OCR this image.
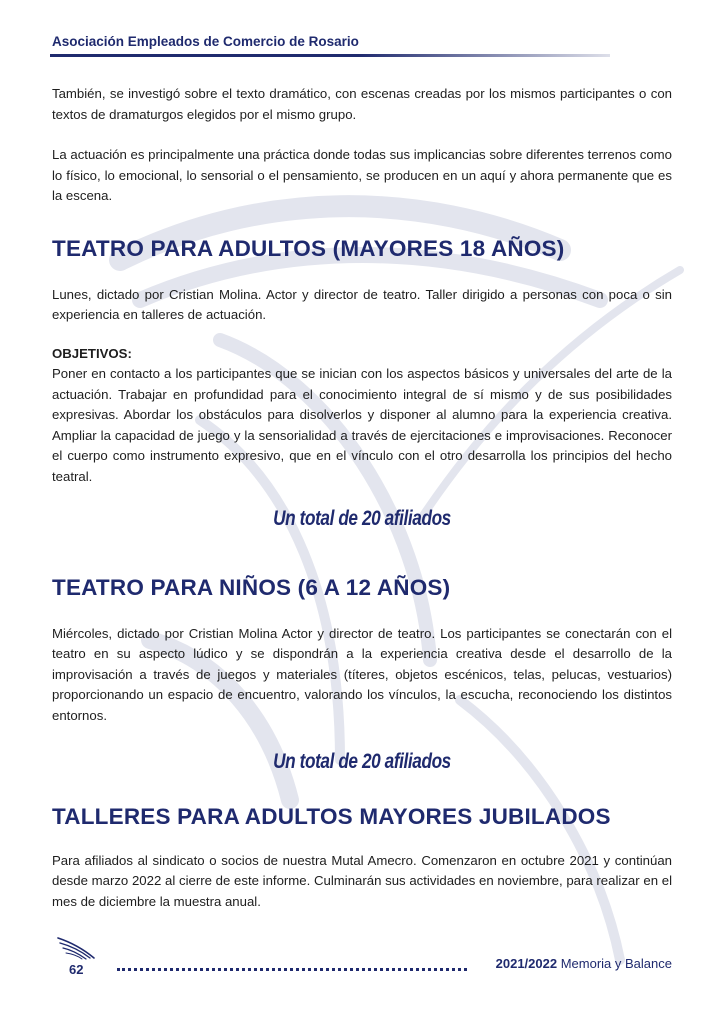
Asociación Empleados de Comercio de Rosario

También, se investigó sobre el texto dramático, con escenas creadas por los mismos participantes o con textos de dramaturgos elegidos por el mismo grupo.

La actuación es principalmente una práctica donde todas sus implicancias sobre diferentes terrenos como lo físico, lo emocional, lo sensorial o el pensamiento, se producen en un aquí y ahora permanente que es la escena.

TEATRO PARA ADULTOS (MAYORES 18 AÑOS)

Lunes, dictado por Cristian Molina. Actor y director de teatro. Taller dirigido a personas con poca o sin experiencia en talleres de actuación.

OBJETIVOS:

Poner en contacto a los participantes que se inician con los aspectos básicos y universales del arte de la actuación. Trabajar en profundidad para el conocimiento integral de sí mismo y de sus posibilidades expresivas. Abordar los obstáculos para disolverlos y disponer al alumno para la experiencia creativa. Ampliar la capacidad de juego y la sensorialidad a través de ejercitaciones e improvisaciones. Reconocer el cuerpo como instrumento expresivo, que en el vínculo con el otro desarrolla los principios del hecho teatral.

Un total de 20 afiliados
TEATRO PARA NIÑOS (6 A 12 AÑOS)

Miércoles, dictado por Cristian Molina Actor y director de teatro. Los participantes se conectarán con el teatro en su aspecto lúdico y se dispondrán a la experiencia creativa desde el desarrollo de la improvisación a través de juegos y materiales (títeres, objetos escénicos, telas, pelucas, vestuarios) proporcionando un espacio de encuentro, valorando los vínculos, la escucha, reconociendo los distintos entornos.

Un total de 20 afiliados
TALLERES PARA ADULTOS MAYORES JUBILADOS

Para afiliados al sindicato o socios de nuestra Mutal Amecro. Comenzaron en octubre 2021 y continúan desde marzo 2022 al cierre de este informe. Culminarán sus actividades en noviembre, para realizar en el mes de diciembre la muestra anual.

62	2021/2022 Memoria y Balance
